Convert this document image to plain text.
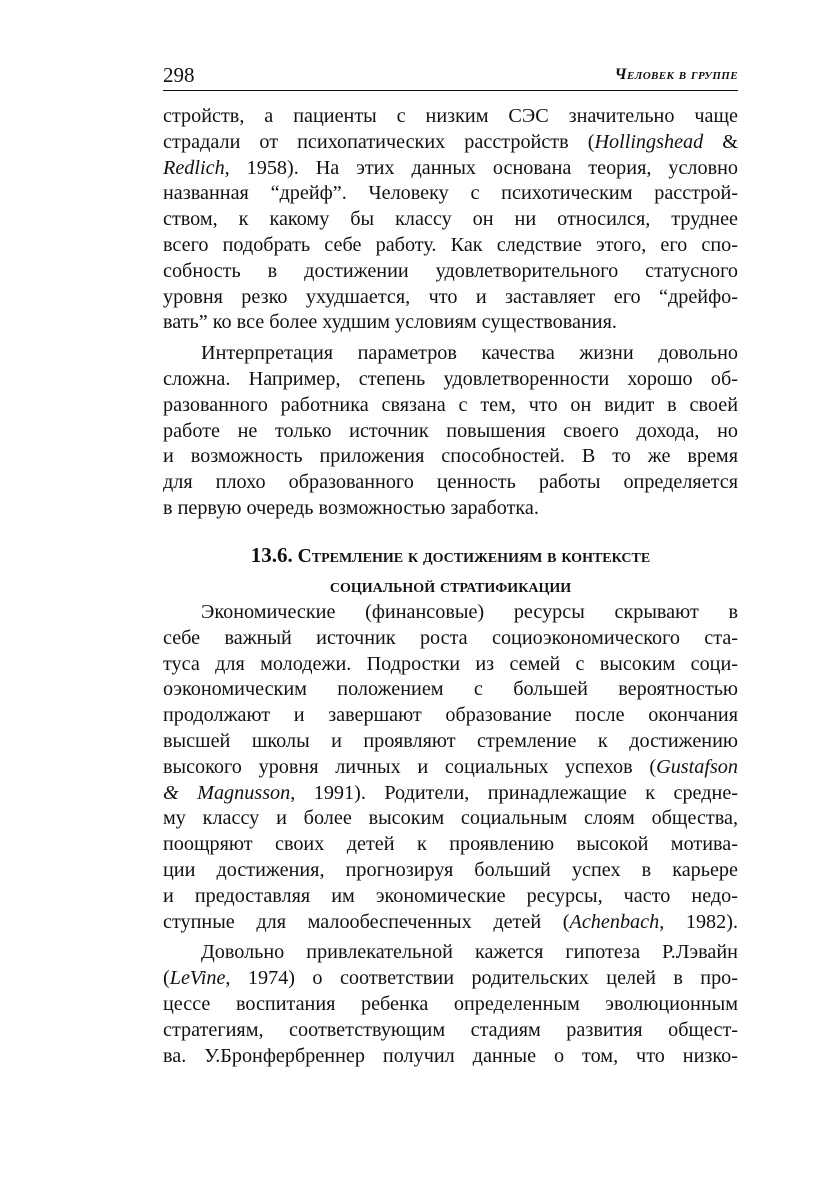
298	Человек в группе

стройств, а пациенты с низким СЭС значительно чаще
страдали от психопатических расстройств (Hollingshead &
Redlich, 1958). На этих данных основана теория, условно
названная “дрейф”. Человеку с психотическим расстрой-
ством, к какому бы классу он ни относился, труднее
всего подобрать себе работу. Как следствие этого, его спо-
собность в достижении удовлетворительного статусного
уровня резко ухудшается, что и заставляет его “дрейфо-
вать” ко все более худшим условиям существования.

Интерпретация параметров качества жизни довольно
сложна. Например, степень удовлетворенности хорошо об-
разованного работника связана с тем, что он видит в своей
работе не только источник повышения своего дохода, но
и возможность приложения способностей. В то же время
для плохо образованного ценность работы определяется
в первую очередь возможностью заработка.

13.6. Стремление к достижениям в контексте
социальной стратификации

Экономические (финансовые) ресурсы скрывают в
себе важный источник роста социоэкономического ста-
туса для молодежи. Подростки из семей с высоким соци-
оэкономическим положением с большей вероятностью
продолжают и завершают образование после окончания
высшей школы и проявляют стремление к достижению
высокого уровня личных и социальных успехов (Gustafson
& Magnusson, 1991). Родители, принадлежащие к средне-
му классу и более высоким социальным слоям общества,
поощряют своих детей к проявлению высокой мотива-
ции достижения, прогнозируя больший успех в карьере
и предоставляя им экономические ресурсы, часто недо-
ступные для малообеспеченных детей (Achenbach, 1982).

Довольно привлекательной кажется гипотеза Р.Лэвайн
(LeVine, 1974) о соответствии родительских целей в про-
цессе воспитания ребенка определенным эволюционным
стратегиям, соответствующим стадиям развития общест-
ва. У.Бронфербреннер получил данные о том, что низко-
